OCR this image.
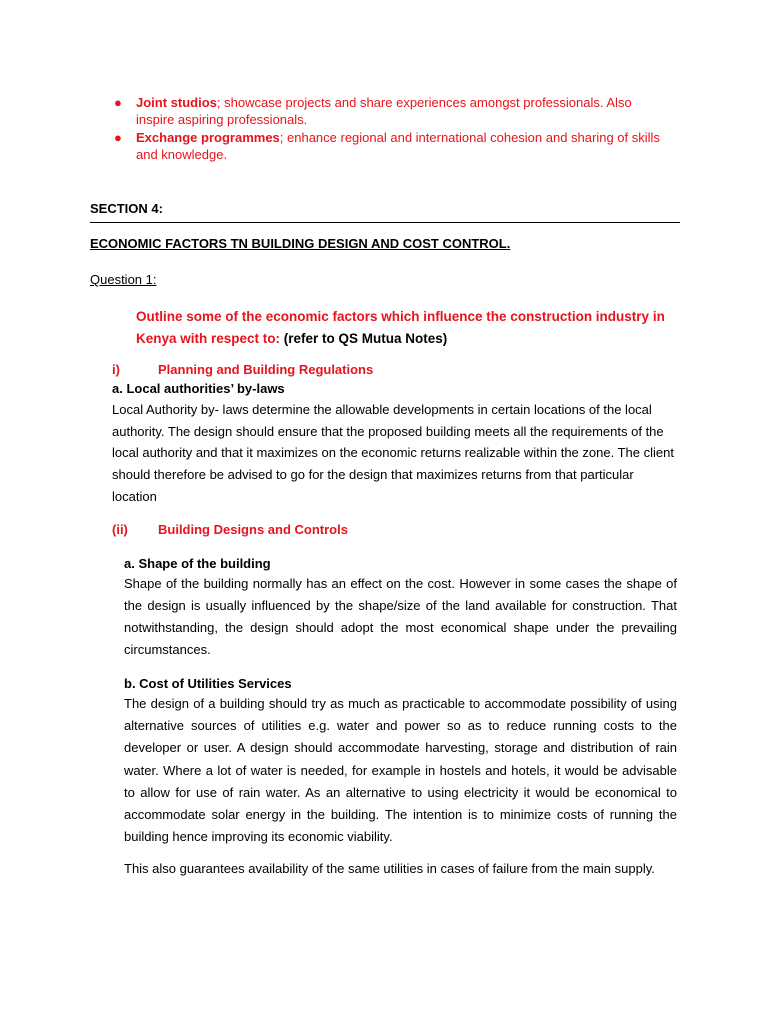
● Joint studios; showcase projects and share experiences amongst professionals. Also inspire aspiring professionals.
● Exchange programmes; enhance regional and international cohesion and sharing of skills and knowledge.
SECTION 4:
ECONOMIC FACTORS TN BUILDING DESIGN AND COST CONTROL.
Question 1:
Outline some of the economic factors which influence the construction industry in Kenya with respect to: (refer to QS Mutua Notes)
i)	Planning and Building Regulations
a. Local authorities’ by-laws
Local Authority by- laws determine the allowable developments in certain locations of the local authority. The design should ensure that the proposed building meets all the requirements of the local authority and that it maximizes on the economic returns realizable within the zone. The client should therefore be advised to go for the design that maximizes returns from that particular location
(ii) Building Designs and Controls
a. Shape of the building
Shape of the building normally has an effect on the cost. However in some cases the shape of the design is usually influenced by the shape/size of the land available for construction. That notwithstanding, the design should adopt the most economical shape under the prevailing circumstances.
b. Cost of Utilities Services
The design of a building should try as much as practicable to accommodate possibility of using alternative sources of utilities e.g. water and power so as to reduce running costs to the developer or user. A design should accommodate harvesting, storage and distribution of rain water. Where a lot of water is needed, for example in hostels and hotels, it would be advisable to allow for use of rain water. As an alternative to using electricity it would be economical to accommodate solar energy in the building. The intention is to minimize costs of running the building hence improving its economic viability.
This also guarantees availability of the same utilities in cases of failure from the main supply.
